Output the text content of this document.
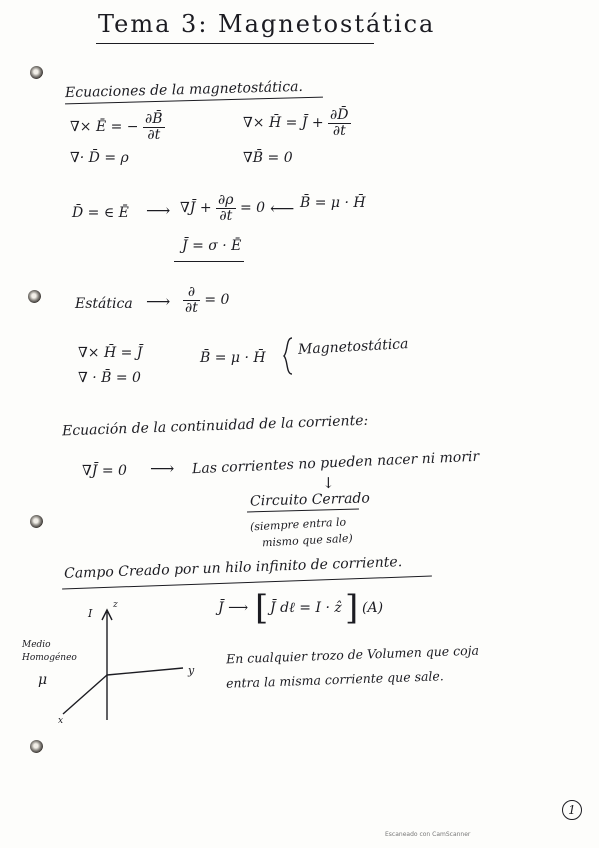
Tema 3: Magnetostática
Ecuaciones de la magnetostática.
∇× Ē = − $\frac{\partial B̄}{\partial t}$	∇× H̄ = J̄ + $\frac{\partial D̄}{\partial t}$
∇· D̄ = ρ	∇B̄ = 0
D̄ = ∈ Ē ⟶ ∇J̄ + $\frac{\partial\rho}{\partial t} = 0$ ⟵ B̄ = μ · H̄
J̄ = σ · Ē
Estática ⟶ $\frac{\partial}{\partial t} = 0$
∇× H̄ = J̄
∇ · B̄ = 0
B̄ = μ · H̄
Magnetostática
Ecuación de la continuidad de la corriente:
∇J̄ = 0 ⟶ Las corrientes no pueden nacer ni morir
↓
Circuito Cerrado
(siempre entra lo
mismo que sale)
Campo Creado por un hilo infinito de corriente.
J̄ ⟶ [ J̄ dℓ = I · ẑ ] (A)
I
z
y
x
Medio
Homogéneo
μ
En cualquier trozo de Volumen que coja
entra la misma corriente que sale.
1
Escaneado con CamScanner
